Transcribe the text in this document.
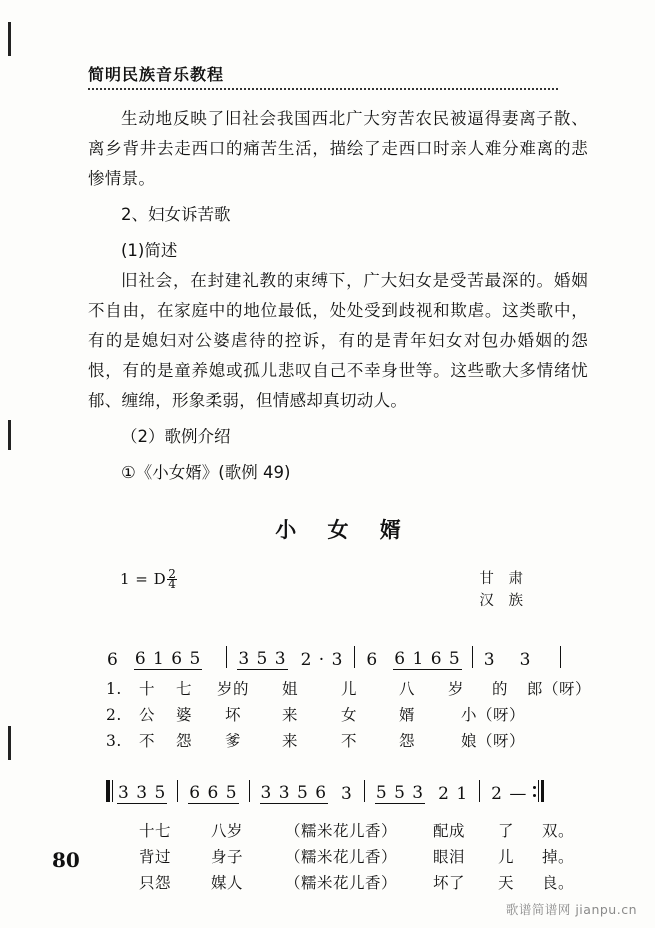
简明民族音乐教程

生动地反映了旧社会我国西北广大穷苦农民被逼得妻离子散、离乡背井去走西口的痛苦生活，描绘了走西口时亲人难分难离的悲惨情景。

2、妇女诉苦歌

(1)简述

旧社会，在封建礼教的束缚下，广大妇女是受苦最深的。婚姻不自由，在家庭中的地位最低，处处受到歧视和欺虐。这类歌中，有的是媳妇对公婆虐待的控诉，有的是青年妇女对包办婚姻的怨恨，有的是童养媳或孤儿悲叹自己不幸身世等。这些歌大多情绪忧郁、缠绵，形象柔弱，但情感却真切动人。

（2）歌例介绍

①《小女婿》(歌例 49)

小 女 婿
1 = D $\frac{2}{4}$	甘 肃
汉 族
6 6 1 6 5 3 5 3 2 · 3 6 6 1 6 5 3 3
1.	十	七	岁的	姐	儿	八	岁	的	郎（呀）
2.	公	婆	坏	来	女	婿	小（呀）
3.	不	怨	爹	来	不	怨	娘（呀）
3 3 5 6 6 5 3 3 5 6 3 5 5 3 2 1 2 —
十七	八岁	（糯米花儿香）	配成	了	双。
背过	身子	（糯米花儿香）	眼泪	儿	掉。
只怨	媒人	（糯米花儿香）	坏了	天	良。
80
歌谱简谱网 jianpu.cn
